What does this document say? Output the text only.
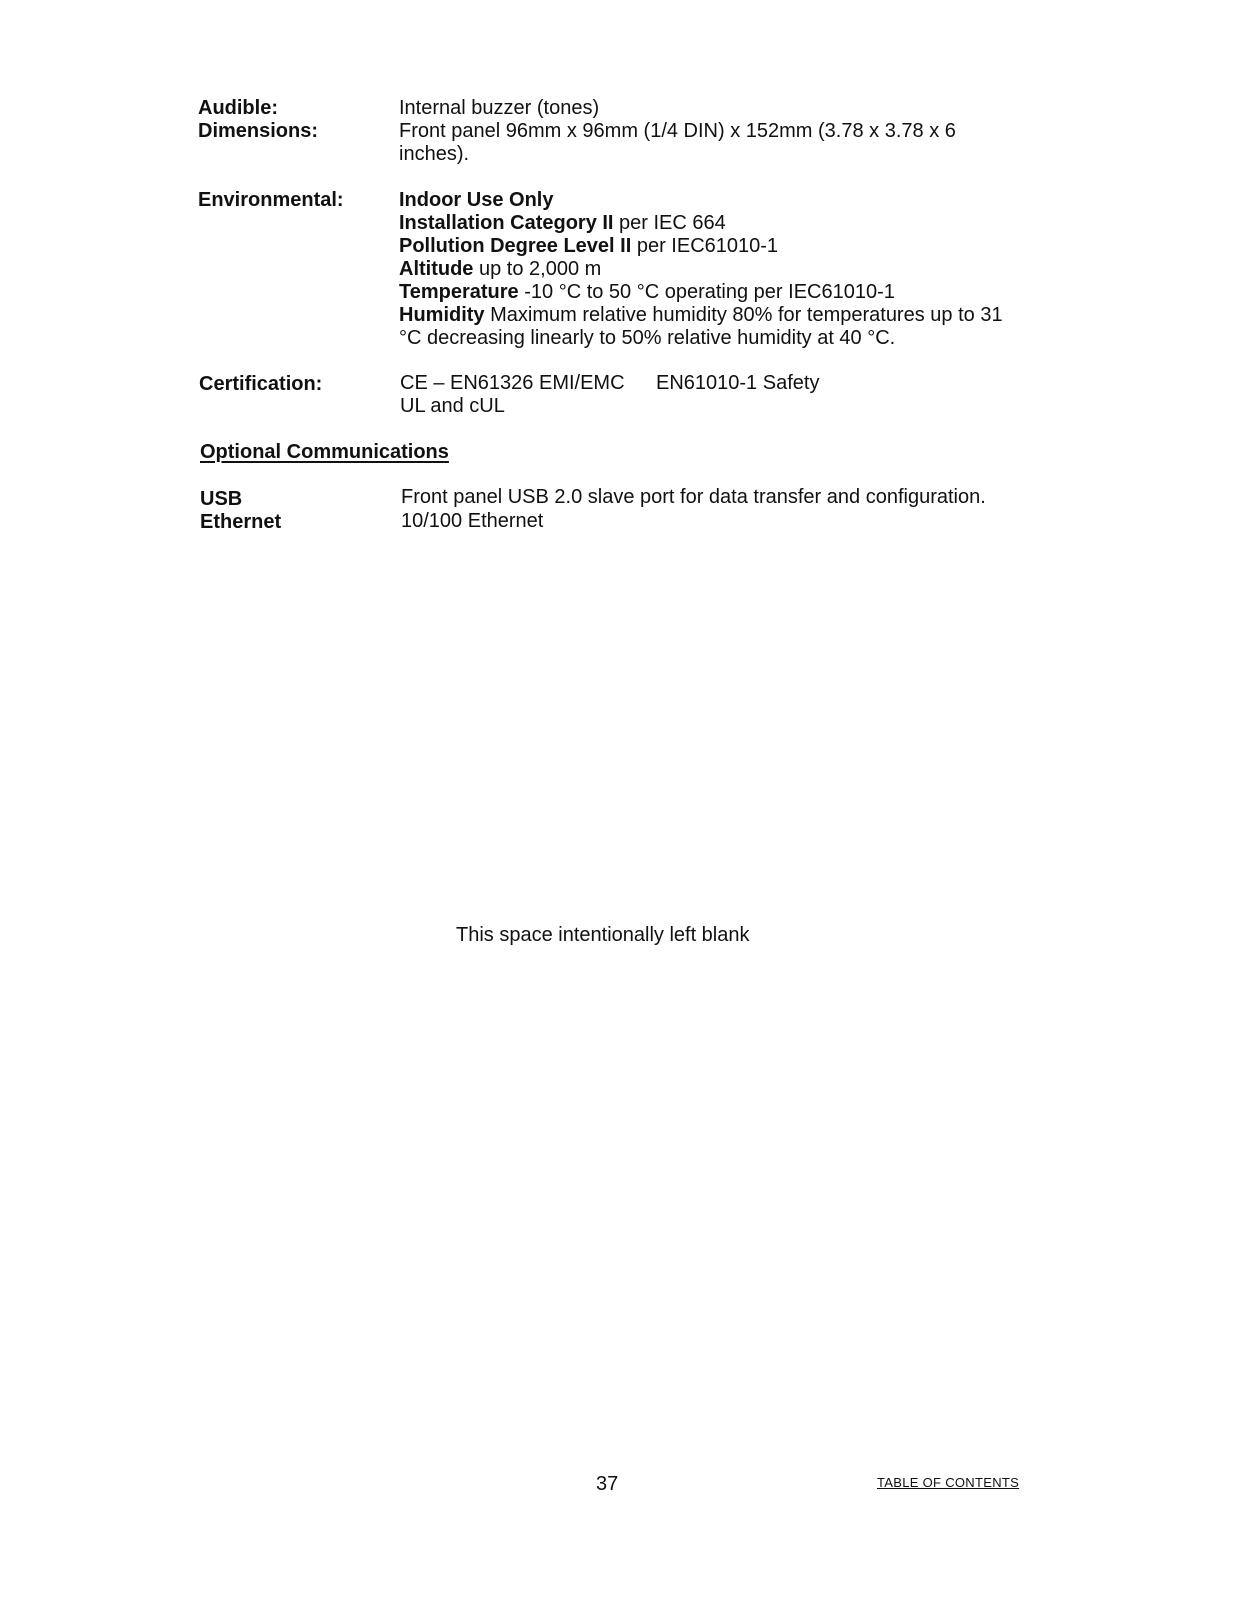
Audible:	Internal buzzer (tones)
Dimensions:	Front panel 96mm x 96mm (1/4 DIN) x 152mm (3.78 x 3.78 x 6
inches).
Environmental:	Indoor Use Only
Installation Category II per IEC 664
Pollution Degree Level II per IEC61010-1
Altitude up to 2,000 m
Temperature -10 °C to 50 °C operating per IEC61010-1
Humidity Maximum relative humidity 80% for temperatures up to 31
°C decreasing linearly to 50% relative humidity at 40 °C.
Certification:	CE – EN61326 EMI/EMC EN61010-1 Safety
UL and cUL
Optional Communications
USB	Front panel USB 2.0 slave port for data transfer and configuration.
Ethernet	10/100 Ethernet
This space intentionally left blank
37	TABLE OF CONTENTS
